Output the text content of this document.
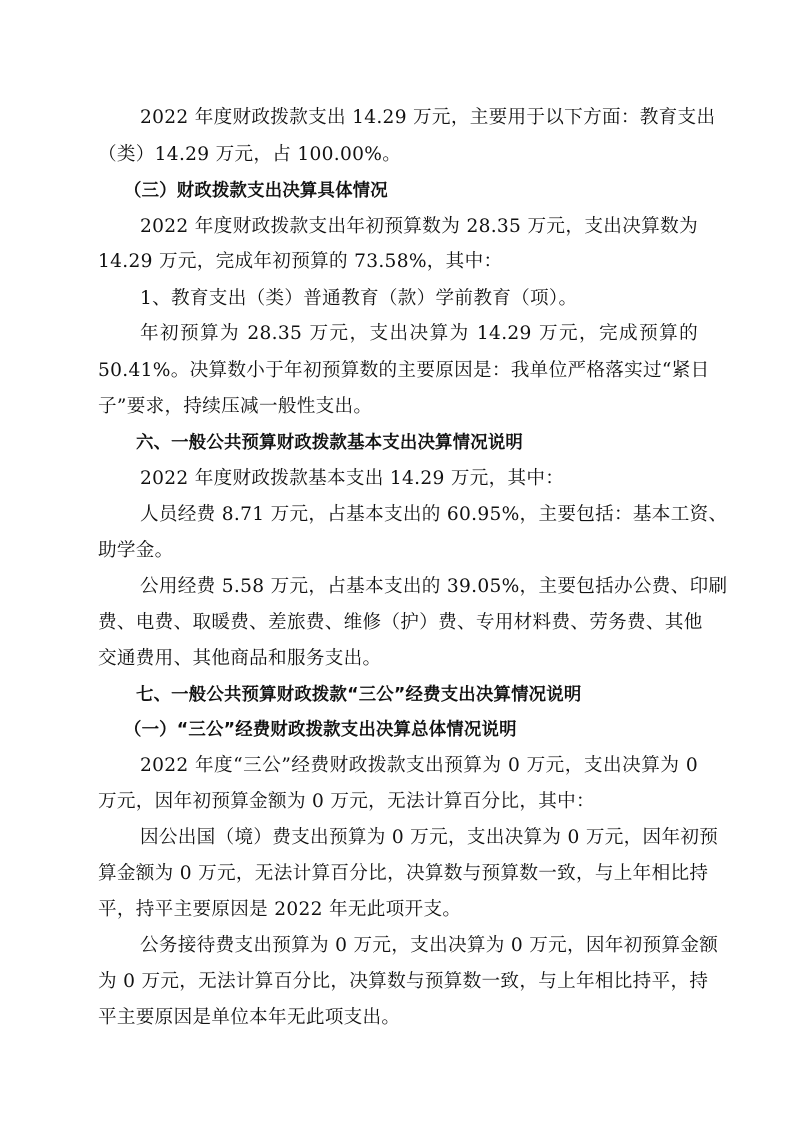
2022 年度财政拨款支出 14.29 万元，主要用于以下方面：教育支出
（类）14.29 万元，占 100.00%。
（三）财政拨款支出决算具体情况
2022 年度财政拨款支出年初预算数为 28.35 万元，支出决算数为
14.29 万元，完成年初预算的 73.58%，其中：
1、教育支出（类）普通教育（款）学前教育（项）。
年初预算为 28.35 万元，支出决算为 14.29 万元，完成预算的
50.41%。决算数小于年初预算数的主要原因是：我单位严格落实过“紧日
子”要求，持续压减一般性支出。
六、一般公共预算财政拨款基本支出决算情况说明
2022 年度财政拨款基本支出 14.29 万元，其中：
人员经费 8.71 万元，占基本支出的 60.95%，主要包括：基本工资、
助学金。
公用经费 5.58 万元，占基本支出的 39.05%，主要包括办公费、印刷
费、电费、取暖费、差旅费、维修（护）费、专用材料费、劳务费、其他
交通费用、其他商品和服务支出。
七、一般公共预算财政拨款“三公”经费支出决算情况说明
（一）“三公”经费财政拨款支出决算总体情况说明
2022 年度“三公”经费财政拨款支出预算为 0 万元，支出决算为 0
万元，因年初预算金额为 0 万元，无法计算百分比，其中：
因公出国（境）费支出预算为 0 万元，支出决算为 0 万元，因年初预
算金额为 0 万元，无法计算百分比，决算数与预算数一致，与上年相比持
平，持平主要原因是 2022 年无此项开支。
公务接待费支出预算为 0 万元，支出决算为 0 万元，因年初预算金额
为 0 万元，无法计算百分比，决算数与预算数一致，与上年相比持平，持
平主要原因是单位本年无此项支出。
